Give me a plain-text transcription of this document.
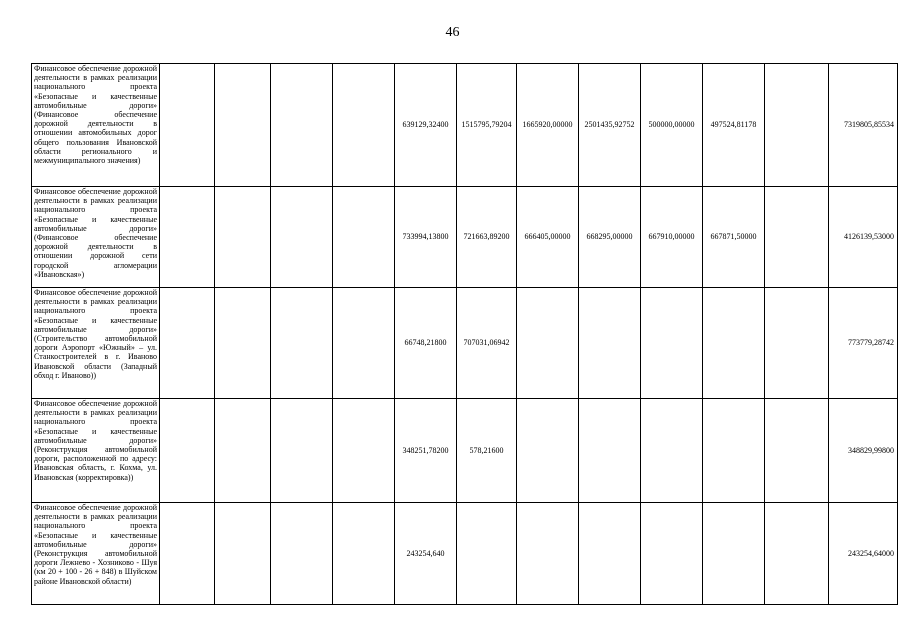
46
Финансовое обеспечение дорожной деятельности в рамках реализации национального проекта «Безопасные и качественные автомобильные дороги» (Финансовое обеспечение дорожной деятельности в отношении автомобильных дорог общего пользования Ивановской области регионального и межмуниципального значения)					639129,32400	1515795,79204	1665920,00000	2501435,92752	500000,00000	497524,81178		7319805,85534
Финансовое обеспечение дорожной деятельности в рамках реализации национального проекта «Безопасные и качественные автомобильные дороги» (Финансовое обеспечение дорожной деятельности в отношении дорожной сети городской агломерации «Ивановская»)					733994,13800	721663,89200	666405,00000	668295,00000	667910,00000	667871,50000		4126139,53000
Финансовое обеспечение дорожной деятельности в рамках реализации национального проекта «Безопасные и качественные автомобильные дороги» (Строительство автомобильной дороги Аэропорт «Южный» – ул. Станкостроителей в г. Иваново Ивановской области (Западный обход г. Иваново))					66748,21800	707031,06942						773779,28742
Финансовое обеспечение дорожной деятельности в рамках реализации национального проекта «Безопасные и качественные автомобильные дороги» (Реконструкция автомобильной дороги, расположенной по адресу: Ивановская область, г. Кохма, ул. Ивановская (корректировка))					348251,78200	578,21600						348829,99800
Финансовое обеспечение дорожной деятельности в рамках реализации национального проекта «Безопасные и качественные автомобильные дороги» (Реконструкция автомобильной дороги Лежнево - Хозниково - Шуя (км 20 + 100 - 26 + 848) в Шуйском районе Ивановской области)					243254,640							243254,64000
